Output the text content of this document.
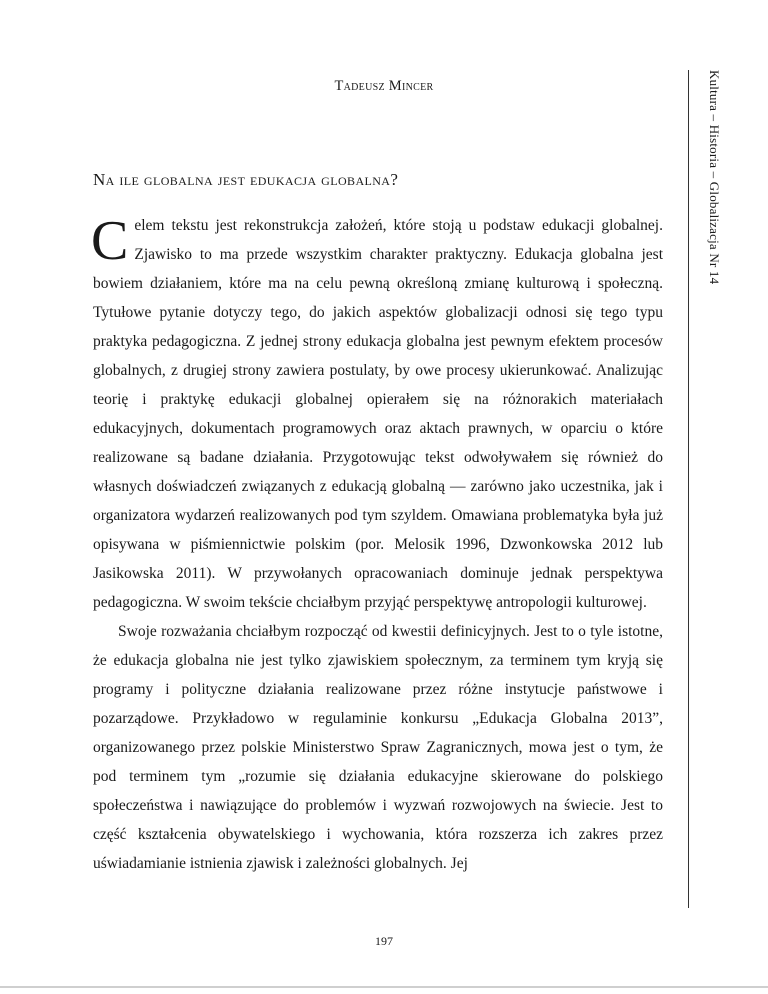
Tadeusz Mincer
Na ile globalna jest edukacja globalna?

Celem tekstu jest rekonstrukcja założeń, które stoją u podstaw edukacji globalnej. Zjawisko to ma przede wszystkim charakter praktyczny. Edukacja globalna jest bowiem działaniem, które ma na celu pewną określoną zmianę kulturową i społeczną. Tytułowe pytanie dotyczy tego, do jakich aspektów globalizacji odnosi się tego typu praktyka pedagogiczna. Z jednej strony edukacja globalna jest pewnym efektem procesów globalnych, z drugiej strony zawiera postulaty, by owe procesy ukierunkować. Analizując teorię i praktykę edukacji globalnej opierałem się na różnorakich materiałach edukacyjnych, dokumentach programowych oraz aktach prawnych, w oparciu o które realizowane są badane działania. Przygotowując tekst odwoływałem się również do własnych doświadczeń związanych z edukacją globalną — zarówno jako uczestnika, jak i organizatora wydarzeń realizowanych pod tym szyldem. Omawiana problematyka była już opisywana w piśmiennictwie polskim (por. Melosik 1996, Dzwonkowska 2012 lub Jasikowska 2011). W przywołanych opracowaniach dominuje jednak perspektywa pedagogiczna. W swoim tekście chciałbym przyjąć perspektywę antropologii kulturowej.

Swoje rozważania chciałbym rozpocząć od kwestii definicyjnych. Jest to o tyle istotne, że edukacja globalna nie jest tylko zjawiskiem społecznym, za terminem tym kryją się programy i polityczne działania realizowane przez różne instytucje państwowe i pozarządowe. Przykładowo w regulaminie konkursu „Edukacja Globalna 2013”, organizowanego przez polskie Ministerstwo Spraw Zagranicznych, mowa jest o tym, że pod terminem tym „rozumie się działania edukacyjne skierowane do polskiego społeczeństwa i nawiązujące do problemów i wyzwań rozwojowych na świecie. Jest to część kształcenia obywatelskiego i wychowania, która rozszerza ich zakres przez uświadamianie istnienia zjawisk i zależności globalnych. Jej

Kultura – Historia – Globalizacja Nr 14
197
